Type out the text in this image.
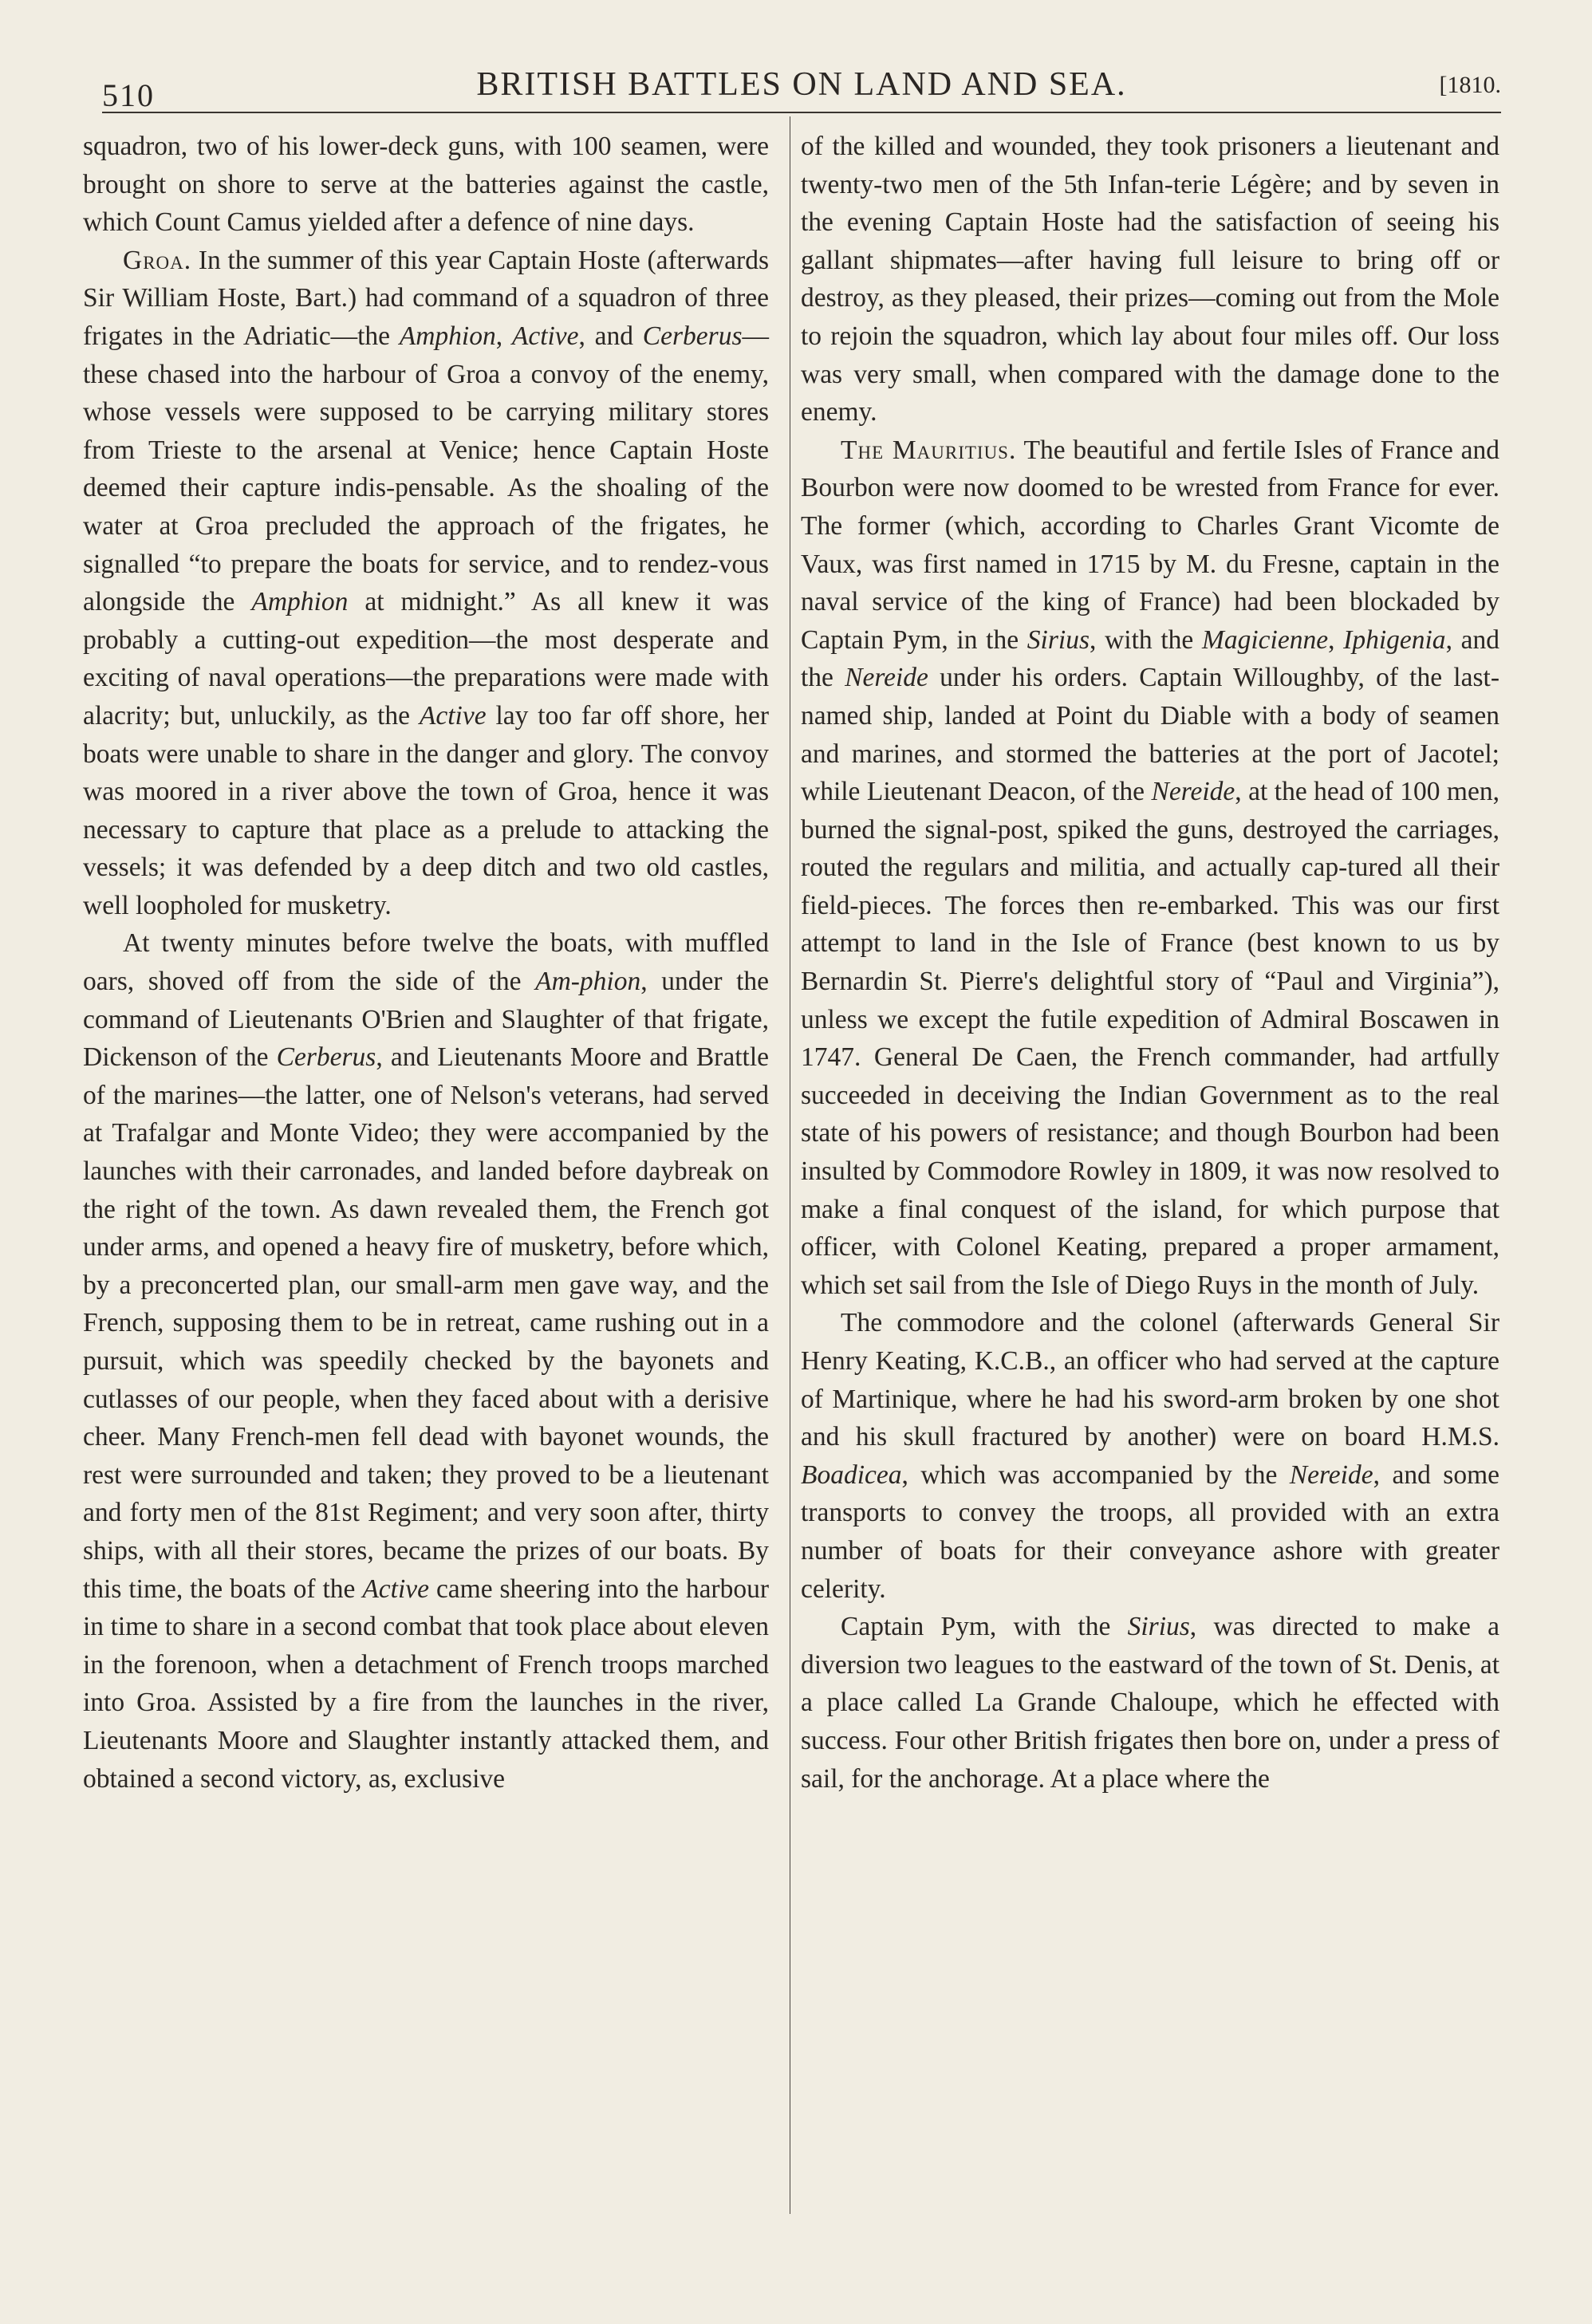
510	BRITISH BATTLES ON LAND AND SEA.	[1810.

squadron, two of his lower-deck guns, with 100 seamen, were brought on shore to serve at the batteries against the castle, which Count Camus yielded after a defence of nine days.

Groa. In the summer of this year Captain Hoste (afterwards Sir William Hoste, Bart.) had command of a squadron of three frigates in the Adriatic—the Amphion, Active, and Cerberus—these chased into the harbour of Groa a convoy of the enemy, whose vessels were supposed to be carrying military stores from Trieste to the arsenal at Venice; hence Captain Hoste deemed their capture indis-pensable. As the shoaling of the water at Groa precluded the approach of the frigates, he signalled “to prepare the boats for service, and to rendez-vous alongside the Amphion at midnight.” As all knew it was probably a cutting-out expedition—the most desperate and exciting of naval operations—the preparations were made with alacrity; but, unluckily, as the Active lay too far off shore, her boats were unable to share in the danger and glory. The convoy was moored in a river above the town of Groa, hence it was necessary to capture that place as a prelude to attacking the vessels; it was defended by a deep ditch and two old castles, well loopholed for musketry.

At twenty minutes before twelve the boats, with muffled oars, shoved off from the side of the Am-phion, under the command of Lieutenants O'Brien and Slaughter of that frigate, Dickenson of the Cerberus, and Lieutenants Moore and Brattle of the marines—the latter, one of Nelson's veterans, had served at Trafalgar and Monte Video; they were accompanied by the launches with their carronades, and landed before daybreak on the right of the town. As dawn revealed them, the French got under arms, and opened a heavy fire of musketry, before which, by a preconcerted plan, our small-arm men gave way, and the French, supposing them to be in retreat, came rushing out in a pursuit, which was speedily checked by the bayonets and cutlasses of our people, when they faced about with a derisive cheer. Many French-men fell dead with bayonet wounds, the rest were surrounded and taken; they proved to be a lieutenant and forty men of the 81st Regiment; and very soon after, thirty ships, with all their stores, became the prizes of our boats. By this time, the boats of the Active came sheering into the harbour in time to share in a second combat that took place about eleven in the forenoon, when a detachment of French troops marched into Groa. Assisted by a fire from the launches in the river, Lieutenants Moore and Slaughter instantly attacked them, and obtained a second victory, as, exclusive

of the killed and wounded, they took prisoners a lieutenant and twenty-two men of the 5th Infan-terie Légère; and by seven in the evening Captain Hoste had the satisfaction of seeing his gallant shipmates—after having full leisure to bring off or destroy, as they pleased, their prizes—coming out from the Mole to rejoin the squadron, which lay about four miles off. Our loss was very small, when compared with the damage done to the enemy.

The Mauritius. The beautiful and fertile Isles of France and Bourbon were now doomed to be wrested from France for ever. The former (which, according to Charles Grant Vicomte de Vaux, was first named in 1715 by M. du Fresne, captain in the naval service of the king of France) had been blockaded by Captain Pym, in the Sirius, with the Magicienne, Iphigenia, and the Nereide under his orders. Captain Willoughby, of the last-named ship, landed at Point du Diable with a body of seamen and marines, and stormed the batteries at the port of Jacotel; while Lieutenant Deacon, of the Nereide, at the head of 100 men, burned the signal-post, spiked the guns, destroyed the carriages, routed the regulars and militia, and actually cap-tured all their field-pieces. The forces then re-embarked. This was our first attempt to land in the Isle of France (best known to us by Bernardin St. Pierre's delightful story of “Paul and Virginia”), unless we except the futile expedition of Admiral Boscawen in 1747. General De Caen, the French commander, had artfully succeeded in deceiving the Indian Government as to the real state of his powers of resistance; and though Bourbon had been insulted by Commodore Rowley in 1809, it was now resolved to make a final conquest of the island, for which purpose that officer, with Colonel Keating, prepared a proper armament, which set sail from the Isle of Diego Ruys in the month of July.

The commodore and the colonel (afterwards General Sir Henry Keating, K.C.B., an officer who had served at the capture of Martinique, where he had his sword-arm broken by one shot and his skull fractured by another) were on board H.M.S. Boadicea, which was accompanied by the Nereide, and some transports to convey the troops, all provided with an extra number of boats for their conveyance ashore with greater celerity.

Captain Pym, with the Sirius, was directed to make a diversion two leagues to the eastward of the town of St. Denis, at a place called La Grande Chaloupe, which he effected with success. Four other British frigates then bore on, under a press of sail, for the anchorage. At a place where the
